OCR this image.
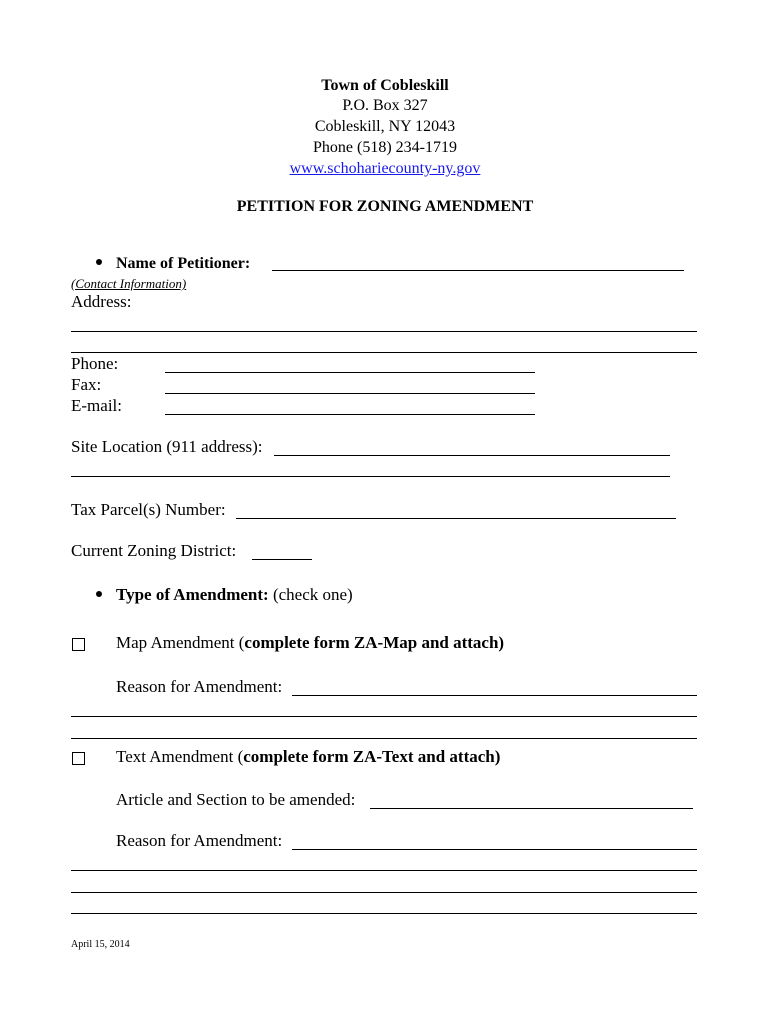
Town of Cobleskill
P.O. Box 327
Cobleskill, NY 12043
Phone (518) 234-1719
www.schohariecounty-ny.gov
PETITION FOR ZONING AMENDMENT
Name of Petitioner:
(Contact Information)
Address:
Phone:
Fax:
E-mail:
Site Location (911 address):
Tax Parcel(s) Number:
Current Zoning District:
Type of Amendment: (check one)
Map Amendment (complete form ZA-Map and attach)
Reason for Amendment:
Text Amendment (complete form ZA-Text and attach)
Article and Section to be amended:
Reason for Amendment:
April 15, 2014
